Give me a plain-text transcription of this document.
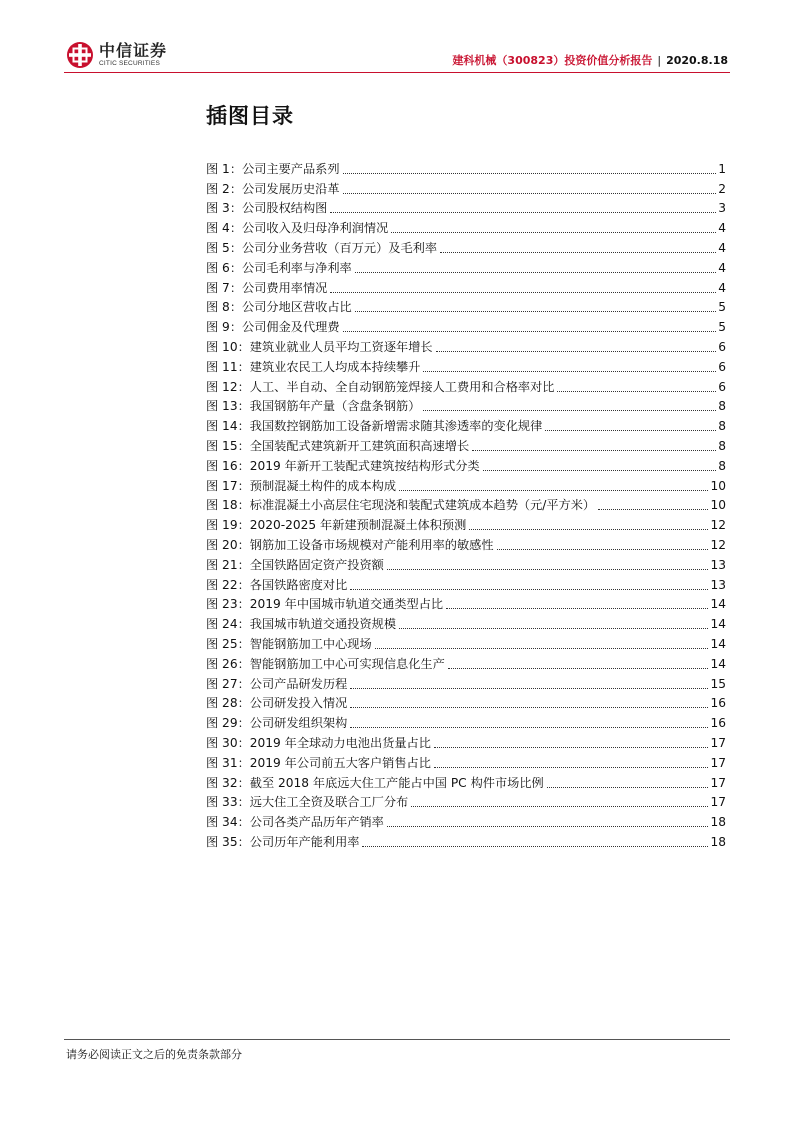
中信证券
CITIC SECURITIES	建科机械（300823）投资价值分析报告 | 2020.8.18
插图目录
图 1：公司主要产品系列	1
图 2：公司发展历史沿革	2
图 3：公司股权结构图	3
图 4：公司收入及归母净利润情况	4
图 5：公司分业务营收（百万元）及毛利率	4
图 6：公司毛利率与净利率	4
图 7：公司费用率情况	4
图 8：公司分地区营收占比	5
图 9：公司佣金及代理费	5
图 10：建筑业就业人员平均工资逐年增长	6
图 11：建筑业农民工人均成本持续攀升	6
图 12：人工、半自动、全自动钢筋笼焊接人工费用和合格率对比	6
图 13：我国钢筋年产量（含盘条钢筋）	8
图 14：我国数控钢筋加工设备新增需求随其渗透率的变化规律	8
图 15：全国装配式建筑新开工建筑面积高速增长	8
图 16：2019 年新开工装配式建筑按结构形式分类	8
图 17：预制混凝土构件的成本构成	10
图 18：标准混凝土小高层住宅现浇和装配式建筑成本趋势（元/平方米）	10
图 19：2020-2025 年新建预制混凝土体积预测	12
图 20：钢筋加工设备市场规模对产能利用率的敏感性	12
图 21：全国铁路固定资产投资额	13
图 22：各国铁路密度对比	13
图 23：2019 年中国城市轨道交通类型占比	14
图 24：我国城市轨道交通投资规模	14
图 25：智能钢筋加工中心现场	14
图 26：智能钢筋加工中心可实现信息化生产	14
图 27：公司产品研发历程	15
图 28：公司研发投入情况	16
图 29：公司研发组织架构	16
图 30：2019 年全球动力电池出货量占比	17
图 31：2019 年公司前五大客户销售占比	17
图 32：截至 2018 年底远大住工产能占中国 PC 构件市场比例	17
图 33：远大住工全资及联合工厂分布	17
图 34：公司各类产品历年产销率	18
图 35：公司历年产能利用率	18
请务必阅读正文之后的免责条款部分
